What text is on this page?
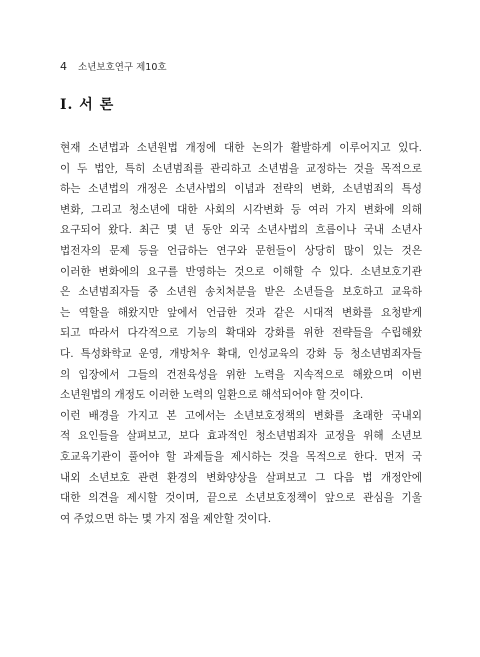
4 소년보호연구 제10호
I. 서 론
현재 소년법과 소년원법 개정에 대한 논의가 활발하게 이루어지고 있다.
이 두 법안, 특히 소년범죄를 관리하고 소년범을 교정하는 것을 목적으로
하는 소년법의 개정은 소년사법의 이념과 전략의 변화, 소년범죄의 특성
변화, 그리고 청소년에 대한 사회의 시각변화 등 여러 가지 변화에 의해
요구되어 왔다. 최근 몇 년 동안 외국 소년사법의 흐름이나 국내 소년사
법전자의 문제 등을 언급하는 연구와 문헌들이 상당히 많이 있는 것은
이러한 변화에의 요구를 반영하는 것으로 이해할 수 있다. 소년보호기관
은 소년범죄자들 중 소년원 송치처분을 받은 소년들을 보호하고 교육하
는 역할을 해왔지만 앞에서 언급한 것과 같은 시대적 변화를 요청받게
되고 따라서 다각적으로 기능의 확대와 강화를 위한 전략들을 수립해왔
다. 특성화학교 운영, 개방처우 확대, 인성교육의 강화 등 청소년범죄자들
의 입장에서 그들의 건전육성을 위한 노력을 지속적으로 해왔으며 이번
소년원법의 개정도 이러한 노력의 일환으로 해석되어야 할 것이다.
이런 배경을 가지고 본 고에서는 소년보호정책의 변화를 초래한 국내외
적 요인들을 살펴보고, 보다 효과적인 청소년범죄자 교정을 위해 소년보
호교육기관이 풀어야 할 과제들을 제시하는 것을 목적으로 한다. 먼저 국
내외 소년보호 관련 환경의 변화양상을 살펴보고 그 다음 법 개정안에
대한 의견을 제시할 것이며, 끝으로 소년보호정책이 앞으로 관심을 기울
여 주었으면 하는 몇 가지 점을 제안할 것이다.
